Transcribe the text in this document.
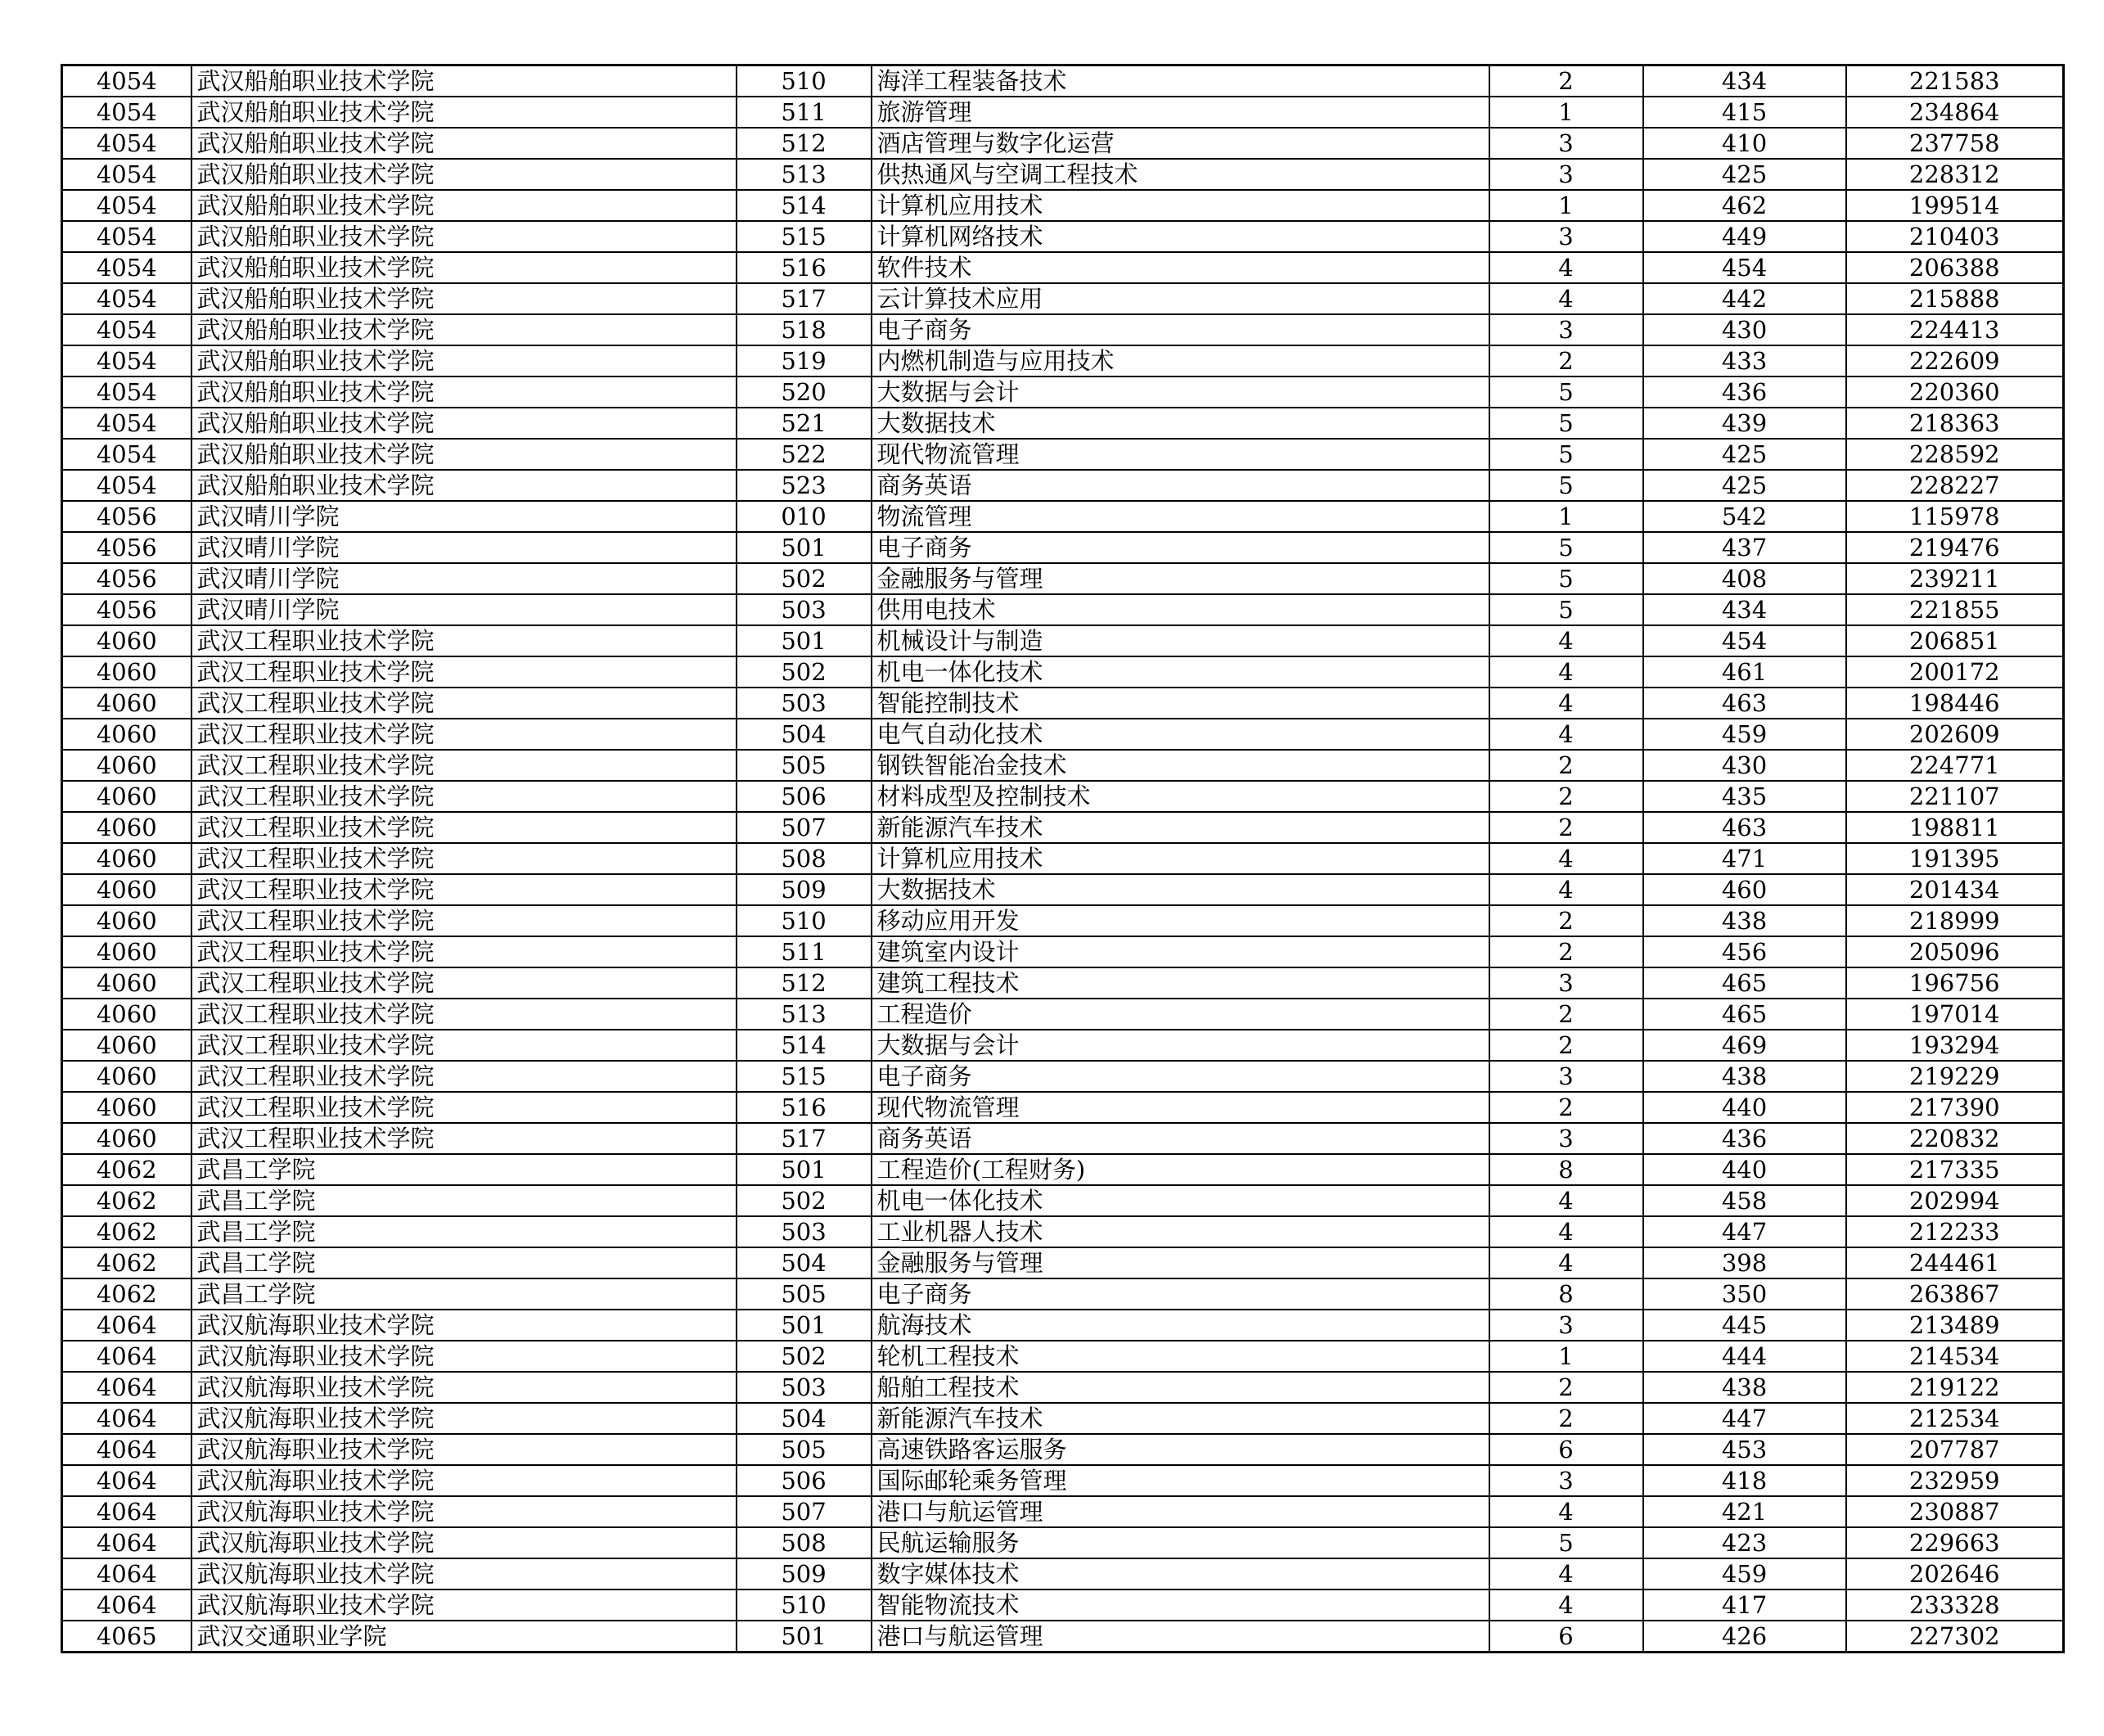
4054	武汉船舶职业技术学院	510	海洋工程装备技术	2	434	221583
4054	武汉船舶职业技术学院	511	旅游管理	1	415	234864
4054	武汉船舶职业技术学院	512	酒店管理与数字化运营	3	410	237758
4054	武汉船舶职业技术学院	513	供热通风与空调工程技术	3	425	228312
4054	武汉船舶职业技术学院	514	计算机应用技术	1	462	199514
4054	武汉船舶职业技术学院	515	计算机网络技术	3	449	210403
4054	武汉船舶职业技术学院	516	软件技术	4	454	206388
4054	武汉船舶职业技术学院	517	云计算技术应用	4	442	215888
4054	武汉船舶职业技术学院	518	电子商务	3	430	224413
4054	武汉船舶职业技术学院	519	内燃机制造与应用技术	2	433	222609
4054	武汉船舶职业技术学院	520	大数据与会计	5	436	220360
4054	武汉船舶职业技术学院	521	大数据技术	5	439	218363
4054	武汉船舶职业技术学院	522	现代物流管理	5	425	228592
4054	武汉船舶职业技术学院	523	商务英语	5	425	228227
4056	武汉晴川学院	010	物流管理	1	542	115978
4056	武汉晴川学院	501	电子商务	5	437	219476
4056	武汉晴川学院	502	金融服务与管理	5	408	239211
4056	武汉晴川学院	503	供用电技术	5	434	221855
4060	武汉工程职业技术学院	501	机械设计与制造	4	454	206851
4060	武汉工程职业技术学院	502	机电一体化技术	4	461	200172
4060	武汉工程职业技术学院	503	智能控制技术	4	463	198446
4060	武汉工程职业技术学院	504	电气自动化技术	4	459	202609
4060	武汉工程职业技术学院	505	钢铁智能冶金技术	2	430	224771
4060	武汉工程职业技术学院	506	材料成型及控制技术	2	435	221107
4060	武汉工程职业技术学院	507	新能源汽车技术	2	463	198811
4060	武汉工程职业技术学院	508	计算机应用技术	4	471	191395
4060	武汉工程职业技术学院	509	大数据技术	4	460	201434
4060	武汉工程职业技术学院	510	移动应用开发	2	438	218999
4060	武汉工程职业技术学院	511	建筑室内设计	2	456	205096
4060	武汉工程职业技术学院	512	建筑工程技术	3	465	196756
4060	武汉工程职业技术学院	513	工程造价	2	465	197014
4060	武汉工程职业技术学院	514	大数据与会计	2	469	193294
4060	武汉工程职业技术学院	515	电子商务	3	438	219229
4060	武汉工程职业技术学院	516	现代物流管理	2	440	217390
4060	武汉工程职业技术学院	517	商务英语	3	436	220832
4062	武昌工学院	501	工程造价(工程财务)	8	440	217335
4062	武昌工学院	502	机电一体化技术	4	458	202994
4062	武昌工学院	503	工业机器人技术	4	447	212233
4062	武昌工学院	504	金融服务与管理	4	398	244461
4062	武昌工学院	505	电子商务	8	350	263867
4064	武汉航海职业技术学院	501	航海技术	3	445	213489
4064	武汉航海职业技术学院	502	轮机工程技术	1	444	214534
4064	武汉航海职业技术学院	503	船舶工程技术	2	438	219122
4064	武汉航海职业技术学院	504	新能源汽车技术	2	447	212534
4064	武汉航海职业技术学院	505	高速铁路客运服务	6	453	207787
4064	武汉航海职业技术学院	506	国际邮轮乘务管理	3	418	232959
4064	武汉航海职业技术学院	507	港口与航运管理	4	421	230887
4064	武汉航海职业技术学院	508	民航运输服务	5	423	229663
4064	武汉航海职业技术学院	509	数字媒体技术	4	459	202646
4064	武汉航海职业技术学院	510	智能物流技术	4	417	233328
4065	武汉交通职业学院	501	港口与航运管理	6	426	227302
